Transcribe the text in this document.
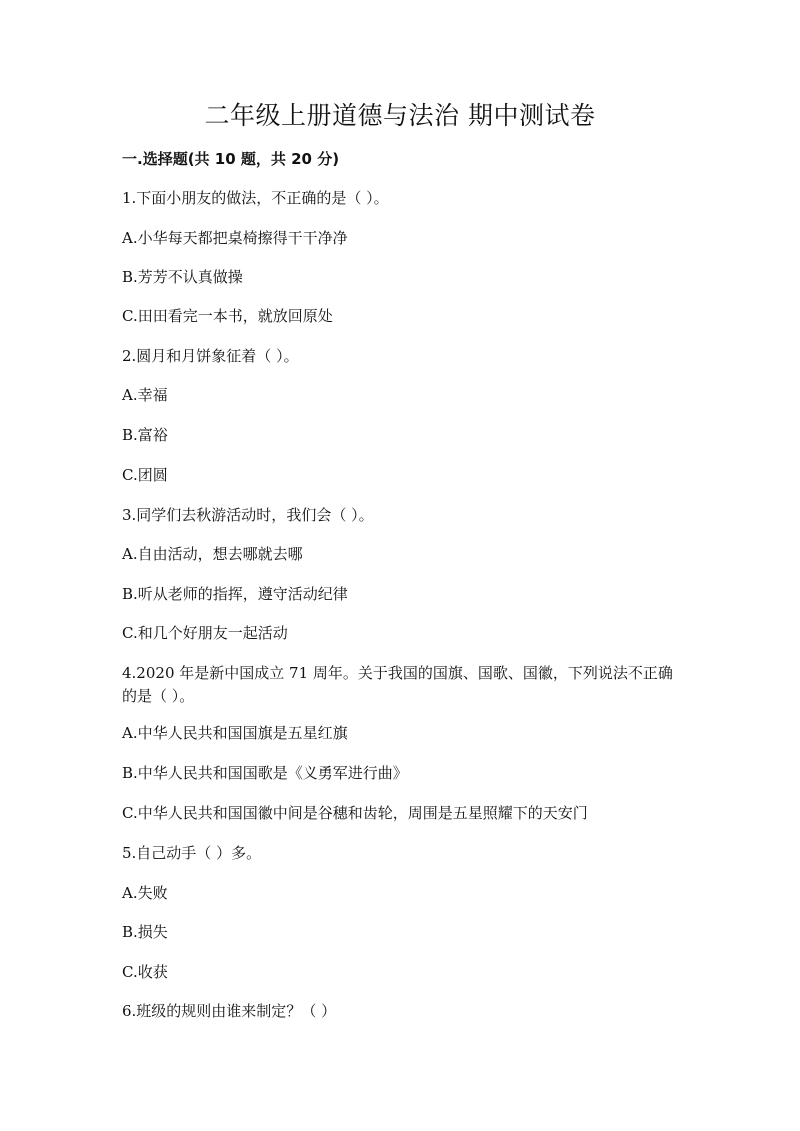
二年级上册道德与法治 期中测试卷
一.选择题(共 10 题，共 20 分)
1.下面小朋友的做法，不正确的是（ ）。
A.小华每天都把桌椅擦得干干净净
B.芳芳不认真做操
C.田田看完一本书，就放回原处
2.圆月和月饼象征着（ ）。
A.幸福
B.富裕
C.团圆
3.同学们去秋游活动时，我们会（ ）。
A.自由活动，想去哪就去哪
B.听从老师的指挥，遵守活动纪律
C.和几个好朋友一起活动
4.2020 年是新中国成立 71 周年。关于我国的国旗、国歌、国徽，下列说法不正确的是（ ）。
A.中华人民共和国国旗是五星红旗
B.中华人民共和国国歌是《义勇军进行曲》
C.中华人民共和国国徽中间是谷穗和齿轮，周围是五星照耀下的天安门
5.自己动手（ ）多。
A.失败
B.损失
C.收获
6.班级的规则由谁来制定？（ ）
